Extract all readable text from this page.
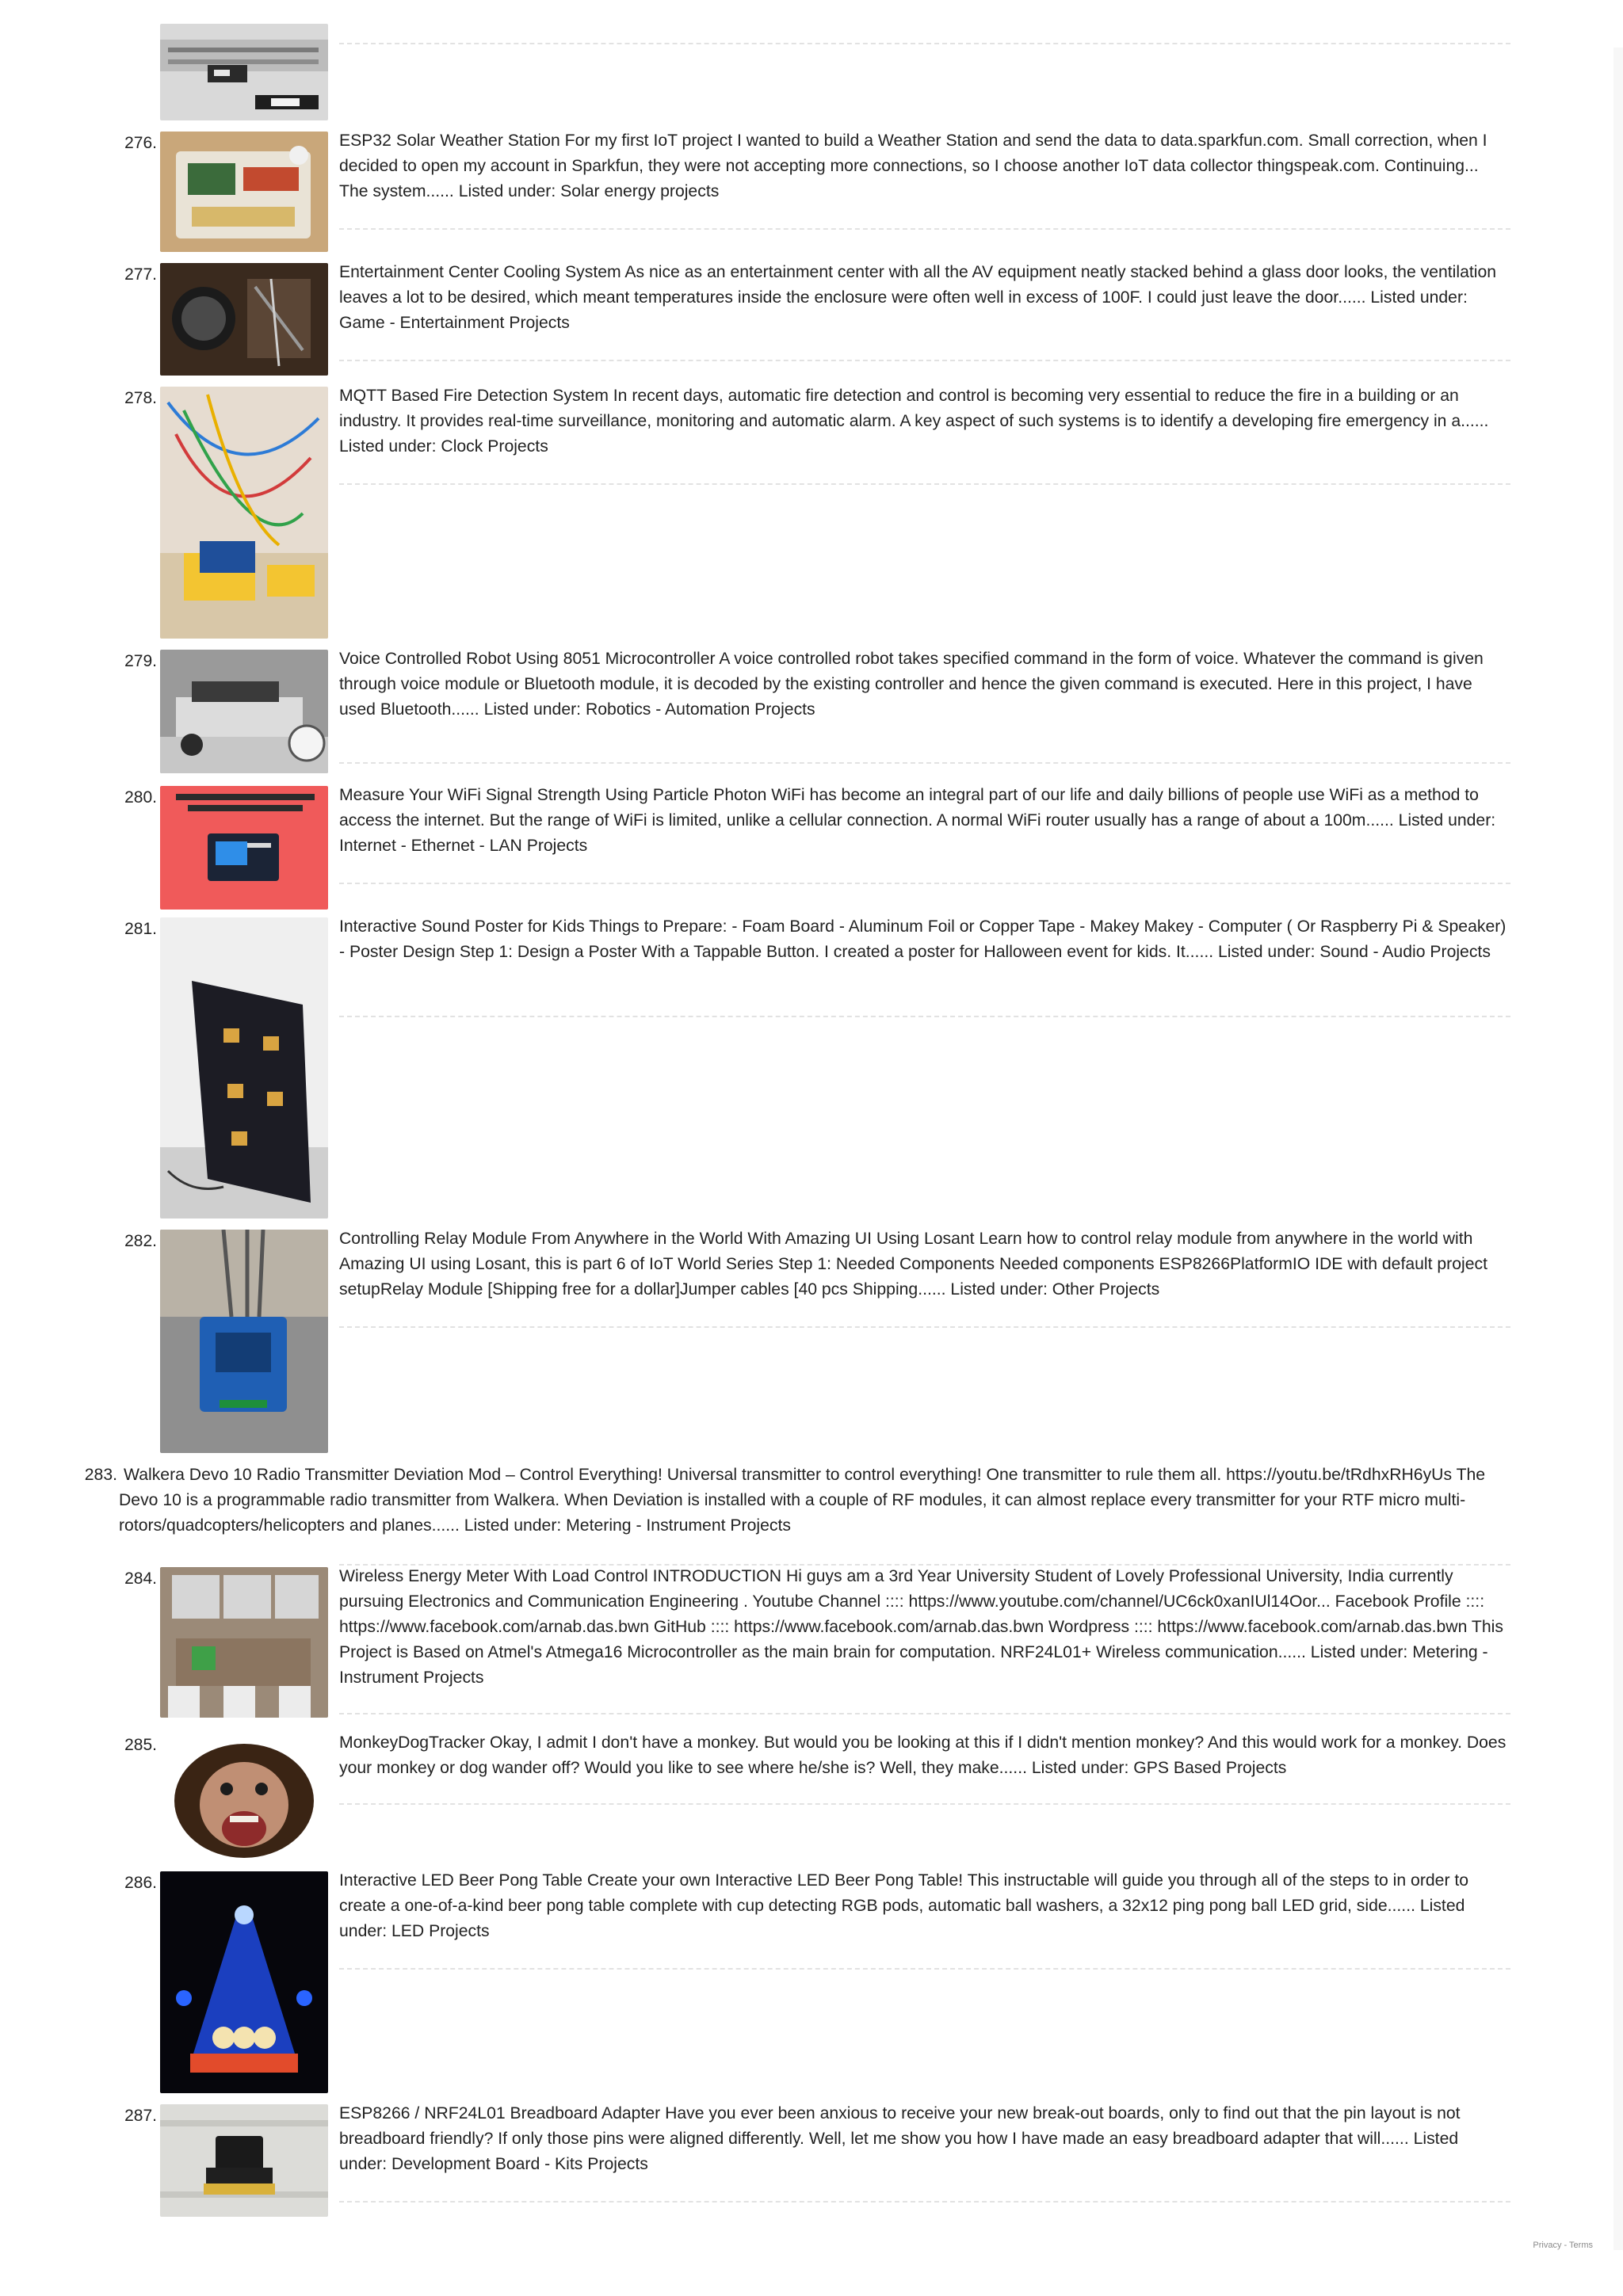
276.	ESP32 Solar Weather Station For my first IoT project I wanted to build a Weather Station and send the data to data.sparkfun.com. Small correction, when I decided to open my account in Sparkfun, they were not accepting more connections, so I choose another IoT data collector thingspeak.com. Continuing... The system...... Listed under: Solar energy projects
277.	Entertainment Center Cooling System As nice as an entertainment center with all the AV equipment neatly stacked behind a glass door looks, the ventilation leaves a lot to be desired, which meant temperatures inside the enclosure were often well in excess of 100F. I could just leave the door...... Listed under: Game - Entertainment Projects
278.	MQTT Based Fire Detection System In recent days, automatic fire detection and control is becoming very essential to reduce the fire in a building or an industry. It provides real-time surveillance, monitoring and automatic alarm. A key aspect of such systems is to identify a developing fire emergency in a...... Listed under: Clock Projects
279.	Voice Controlled Robot Using 8051 Microcontroller A voice controlled robot takes specified command in the form of voice. Whatever the command is given through voice module or Bluetooth module, it is decoded by the existing controller and hence the given command is executed. Here in this project, I have used Bluetooth...... Listed under: Robotics - Automation Projects
280.	Measure Your WiFi Signal Strength Using Particle Photon WiFi has become an integral part of our life and daily billions of people use WiFi as a method to access the internet. But the range of WiFi is limited, unlike a cellular connection. A normal WiFi router usually has a range of about a 100m...... Listed under: Internet - Ethernet - LAN Projects
281.	Interactive Sound Poster for Kids Things to Prepare: - Foam Board - Aluminum Foil or Copper Tape - Makey Makey - Computer ( Or Raspberry Pi & Speaker) - Poster Design Step 1: Design a Poster With a Tappable Button. I created a poster for Halloween event for kids. It...... Listed under: Sound - Audio Projects
282.	Controlling Relay Module From Anywhere in the World With Amazing UI Using Losant Learn how to control relay module from anywhere in the world with Amazing UI using Losant, this is part 6 of IoT World Series Step 1: Needed Components Needed components ESP8266PlatformIO IDE with default project setupRelay Module [Shipping free for a dollar]Jumper cables [40 pcs Shipping...... Listed under: Other Projects
283. Walkera Devo 10 Radio Transmitter Deviation Mod – Control Everything! Universal transmitter to control everything! One transmitter to rule them all. https://youtu.be/tRdhxRH6yUs The Devo 10 is a programmable radio transmitter from Walkera. When Deviation is installed with a couple of RF modules, it can almost replace every transmitter for your RTF micro multi-rotors/quadcopters/helicopters and planes...... Listed under: Metering - Instrument Projects
284.	Wireless Energy Meter With Load Control INTRODUCTION Hi guys am a 3rd Year University Student of Lovely Professional University, India currently pursuing Electronics and Communication Engineering . Youtube Channel :::: https://www.youtube.com/channel/UC6ck0xanIUl14Oor... Facebook Profile :::: https://www.facebook.com/arnab.das.bwn GitHub :::: https://www.facebook.com/arnab.das.bwn Wordpress :::: https://www.facebook.com/arnab.das.bwn This Project is Based on Atmel's Atmega16 Microcontroller as the main brain for computation. NRF24L01+ Wireless communication...... Listed under: Metering - Instrument Projects
285.	MonkeyDogTracker Okay, I admit I don't have a monkey. But would you be looking at this if I didn't mention monkey? And this would work for a monkey. Does your monkey or dog wander off? Would you like to see where he/she is? Well, they make...... Listed under: GPS Based Projects
286.	Interactive LED Beer Pong Table Create your own Interactive LED Beer Pong Table! This instructable will guide you through all of the steps to in order to create a one-of-a-kind beer pong table complete with cup detecting RGB pods, automatic ball washers, a 32x12 ping pong ball LED grid, side...... Listed under: LED Projects
287.	ESP8266 / NRF24L01 Breadboard Adapter Have you ever been anxious to receive your new break-out boards, only to find out that the pin layout is not breadboard friendly? If only those pins were aligned differently. Well, let me show you how I have made an easy breadboard adapter that will...... Listed under: Development Board - Kits Projects
Privacy - Terms
